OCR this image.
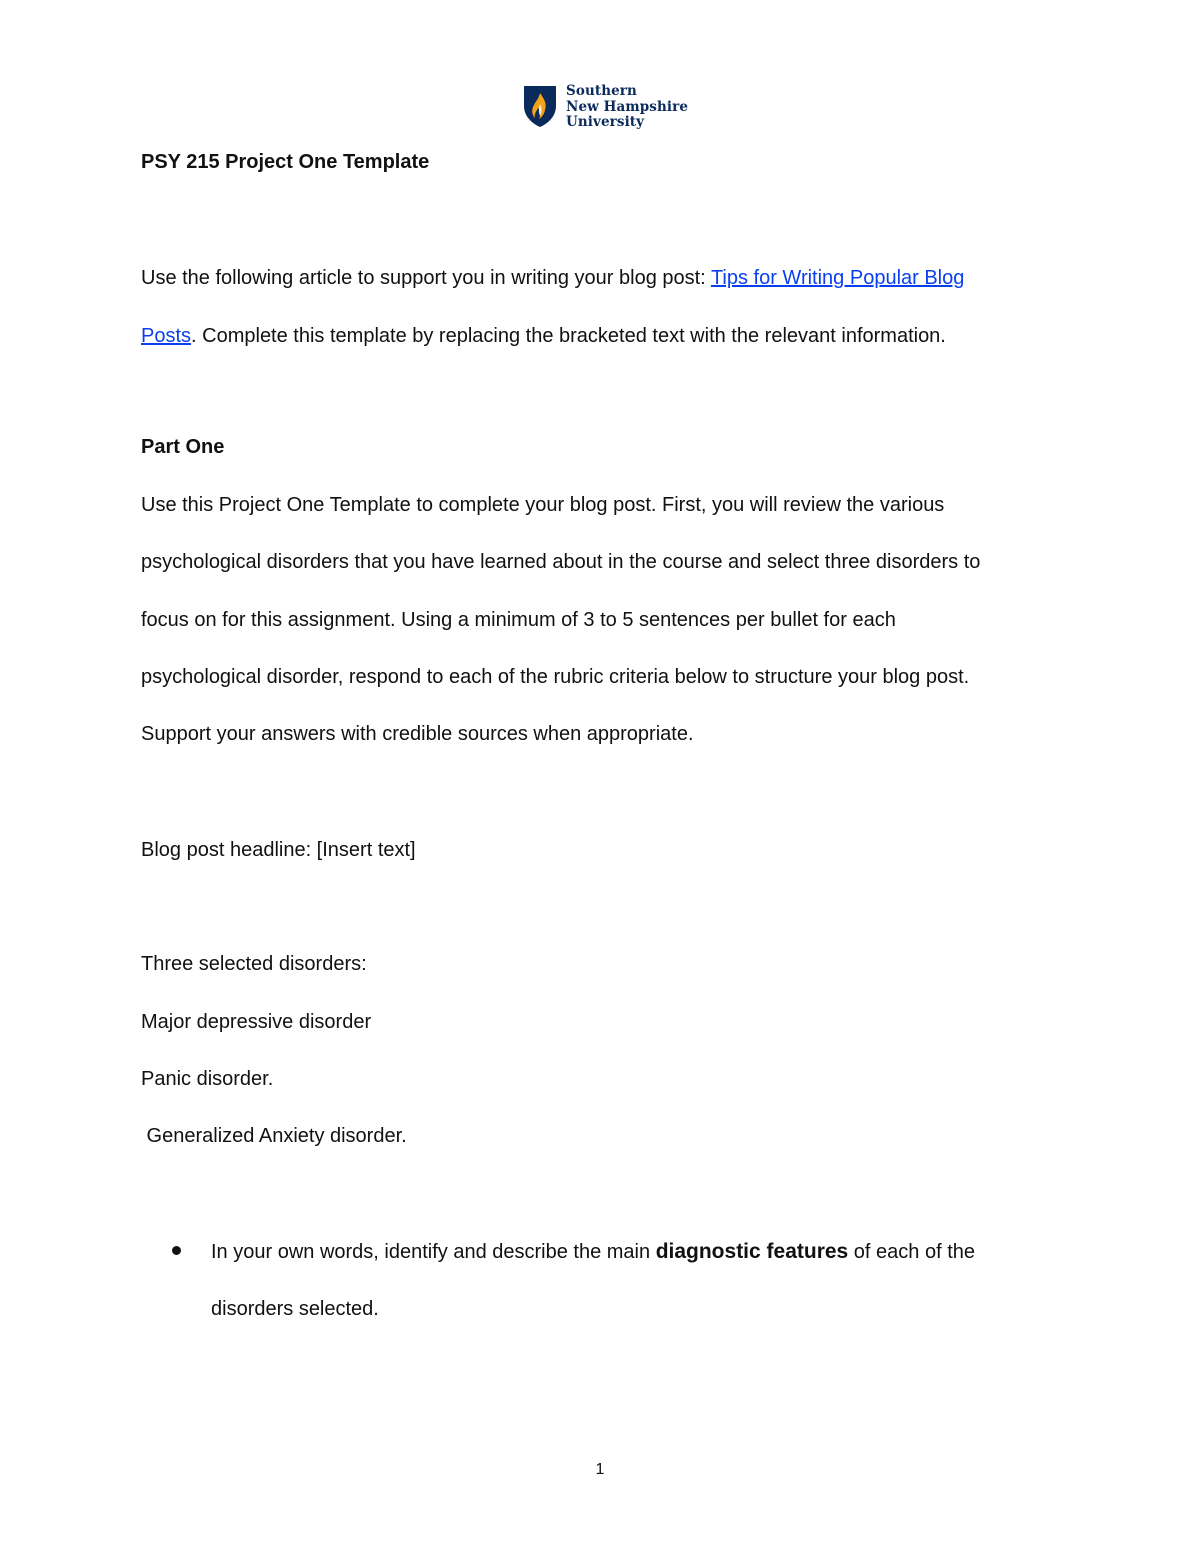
Southern
New Hampshire
University
PSY 215 Project One Template
Use the following article to support you in writing your blog post: Tips for Writing Popular Blog
Posts. Complete this template by replacing the bracketed text with the relevant information.
Part One
Use this Project One Template to complete your blog post. First, you will review the various
psychological disorders that you have learned about in the course and select three disorders to
focus on for this assignment. Using a minimum of 3 to 5 sentences per bullet for each
psychological disorder, respond to each of the rubric criteria below to structure your blog post.
Support your answers with credible sources when appropriate.
Blog post headline: [Insert text]
Three selected disorders:
Major depressive disorder
Panic disorder.
Generalized Anxiety disorder.
In your own words, identify and describe the main diagnostic features of each of the
disorders selected.
1
